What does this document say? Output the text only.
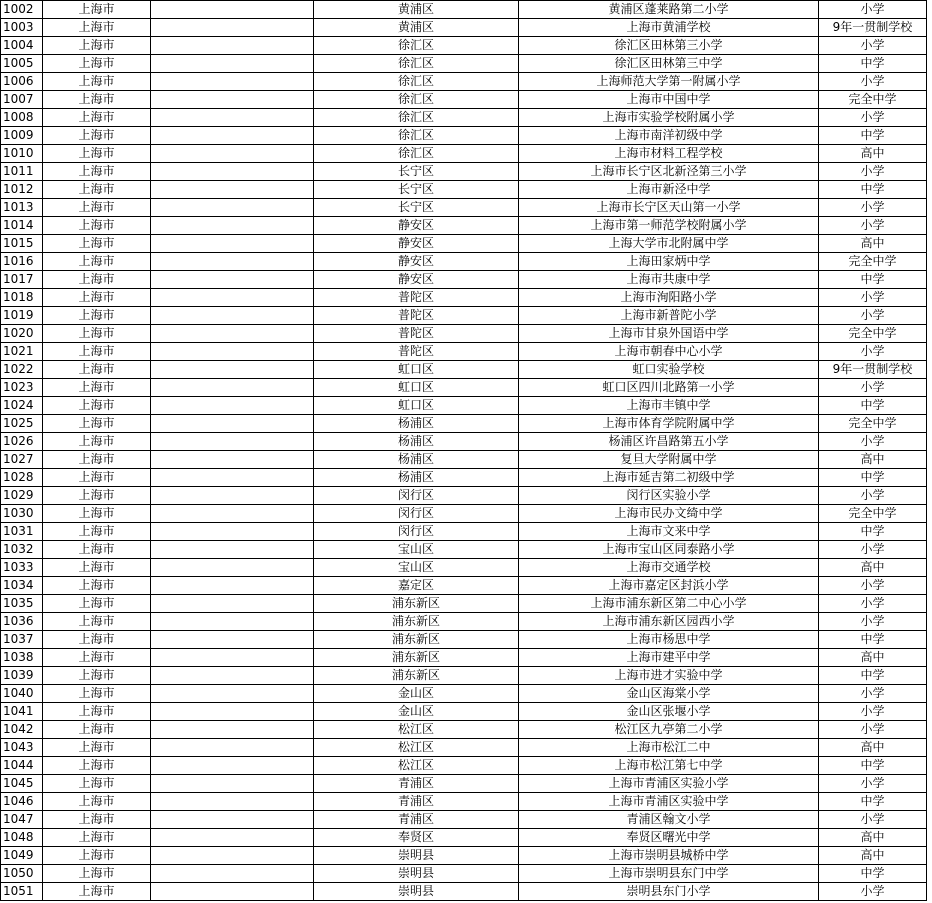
1002	上海市		黄浦区	黄浦区蓬莱路第二小学	小学
1003	上海市		黄浦区	上海市黄浦学校	9年一贯制学校
1004	上海市		徐汇区	徐汇区田林第三小学	小学
1005	上海市		徐汇区	徐汇区田林第三中学	中学
1006	上海市		徐汇区	上海师范大学第一附属小学	小学
1007	上海市		徐汇区	上海市中国中学	完全中学
1008	上海市		徐汇区	上海市实验学校附属小学	小学
1009	上海市		徐汇区	上海市南洋初级中学	中学
1010	上海市		徐汇区	上海市材料工程学校	高中
1011	上海市		长宁区	上海市长宁区北新泾第三小学	小学
1012	上海市		长宁区	上海市新泾中学	中学
1013	上海市		长宁区	上海市长宁区天山第一小学	小学
1014	上海市		静安区	上海市第一师范学校附属小学	小学
1015	上海市		静安区	上海大学市北附属中学	高中
1016	上海市		静安区	上海田家炳中学	完全中学
1017	上海市		静安区	上海市共康中学	中学
1018	上海市		普陀区	上海市洵阳路小学	小学
1019	上海市		普陀区	上海市新普陀小学	小学
1020	上海市		普陀区	上海市甘泉外国语中学	完全中学
1021	上海市		普陀区	上海市朝春中心小学	小学
1022	上海市		虹口区	虹口实验学校	9年一贯制学校
1023	上海市		虹口区	虹口区四川北路第一小学	小学
1024	上海市		虹口区	上海市丰镇中学	中学
1025	上海市		杨浦区	上海市体育学院附属中学	完全中学
1026	上海市		杨浦区	杨浦区许昌路第五小学	小学
1027	上海市		杨浦区	复旦大学附属中学	高中
1028	上海市		杨浦区	上海市延吉第二初级中学	中学
1029	上海市		闵行区	闵行区实验小学	小学
1030	上海市		闵行区	上海市民办文绮中学	完全中学
1031	上海市		闵行区	上海市文来中学	中学
1032	上海市		宝山区	上海市宝山区同泰路小学	小学
1033	上海市		宝山区	上海市交通学校	高中
1034	上海市		嘉定区	上海市嘉定区封浜小学	小学
1035	上海市		浦东新区	上海市浦东新区第二中心小学	小学
1036	上海市		浦东新区	上海市浦东新区园西小学	小学
1037	上海市		浦东新区	上海市杨思中学	中学
1038	上海市		浦东新区	上海市建平中学	高中
1039	上海市		浦东新区	上海市进才实验中学	中学
1040	上海市		金山区	金山区海棠小学	小学
1041	上海市		金山区	金山区张堰小学	小学
1042	上海市		松江区	松江区九亭第二小学	小学
1043	上海市		松江区	上海市松江二中	高中
1044	上海市		松江区	上海市松江第七中学	中学
1045	上海市		青浦区	上海市青浦区实验小学	小学
1046	上海市		青浦区	上海市青浦区实验中学	中学
1047	上海市		青浦区	青浦区翰文小学	小学
1048	上海市		奉贤区	奉贤区曙光中学	高中
1049	上海市		崇明县	上海市崇明县城桥中学	高中
1050	上海市		崇明县	上海市崇明县东门中学	中学
1051	上海市		崇明县	崇明县东门小学	小学
